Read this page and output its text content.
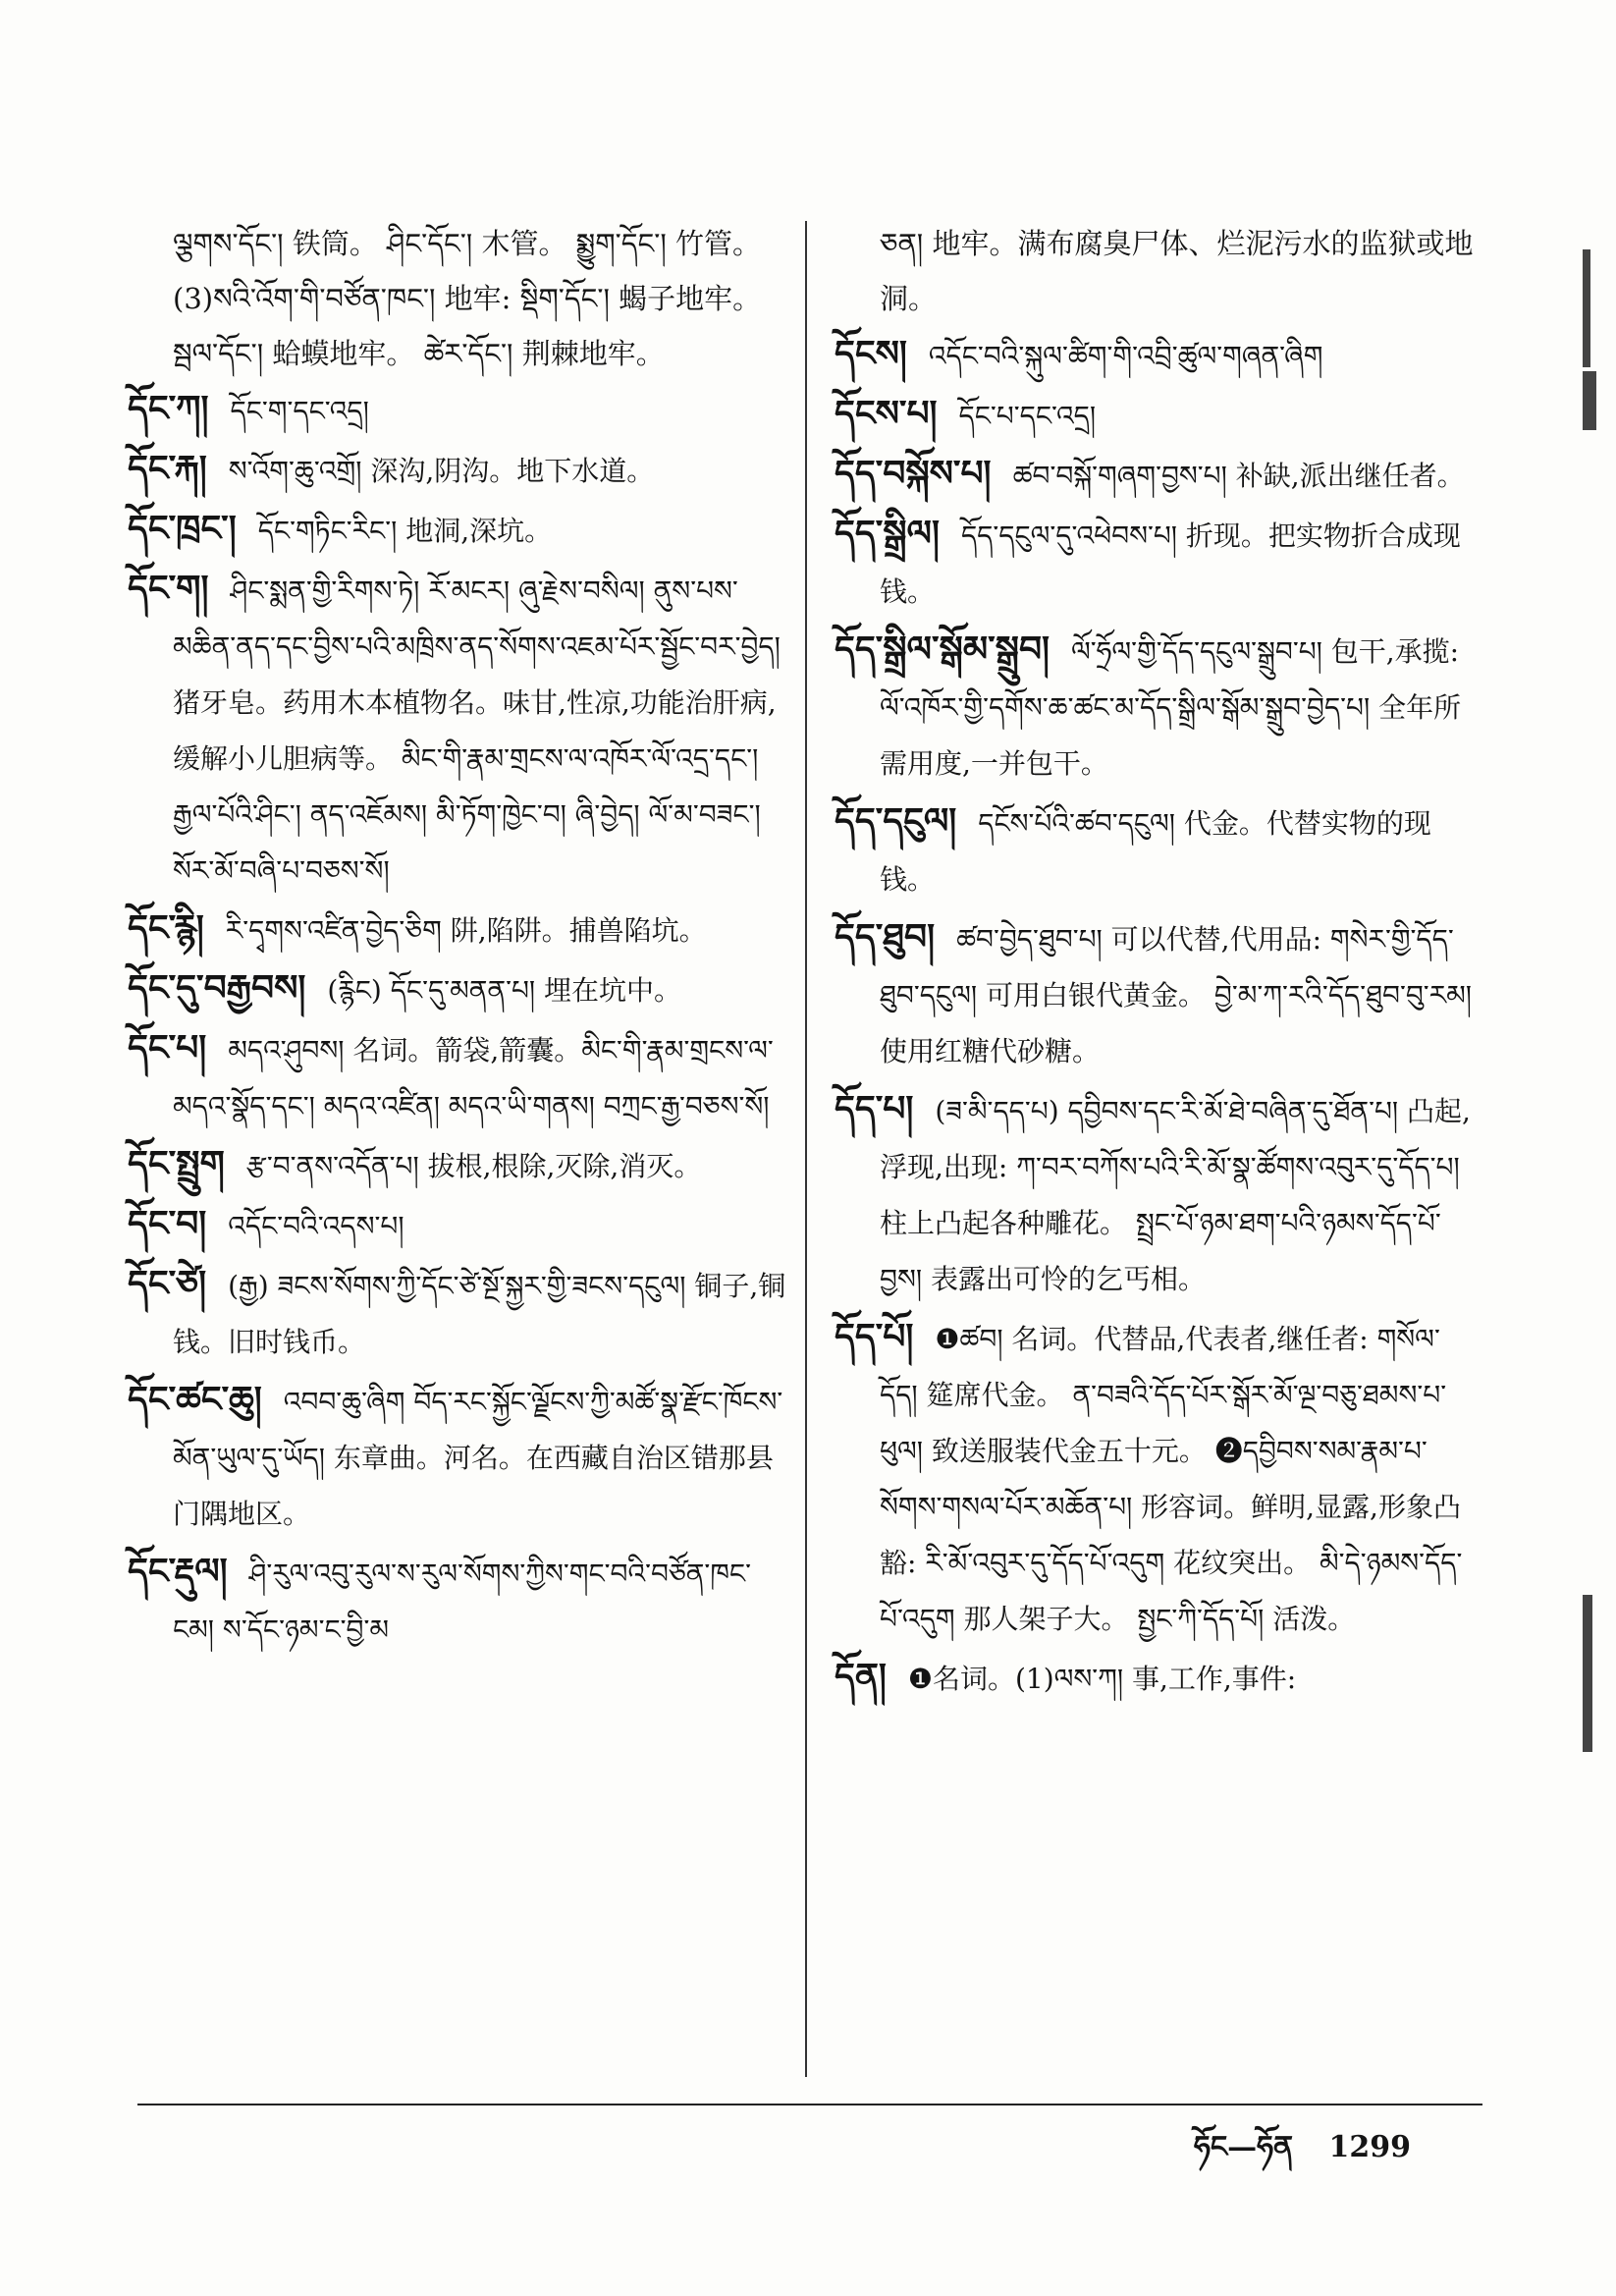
ལྕགས་དོང་། 铁筒。 ཤིང་དོང་། 木管。 སྨྱུག་དོང་། 竹管。(3)སའི་འོག་གི་བཙོན་ཁང་། 地牢: སྡིག་དོང་། 蝎子地牢。 སྦལ་དོང་། 蛤蟆地牢。 ཚེར་དོང་། 荆棘地牢。
དོང་ཀ། དོང་ག་དང་འདྲ།
དོང་རྐ། ས་འོག་ཆུ་འགྲོ། 深沟,阴沟。地下水道。
དོང་ཁྲང་། དོང་གཏིང་རིང་། 地洞,深坑。
དོང་ག། ཤིང་སྨན་གྱི་རིགས་ཏེ། རོ་མངར། ཞུ་རྗེས་བསིལ། ནུས་པས་མཆིན་ནད་དང་བྱིས་པའི་མཁྲིས་ནད་སོགས་འཇམ་པོར་སྦྱོང་བར་བྱེད། 猪牙皂。药用木本植物名。味甘,性凉,功能治肝病,缓解小儿胆病等。 མིང་གི་རྣམ་གྲངས་ལ་འཁོར་ལོ་འདྲ་དང་། རྒྱལ་པོའི་ཤིང་། ནད་འཇོམས། མི་ཏོག་ཁྱེང་བ། ཞི་བྱེད། ལོ་མ་བཟང་། སོར་མོ་བཞི་པ་བཅས་སོ།
དོང་རྙི། རི་དྭགས་འཛིན་བྱེད་ཅིག 阱,陷阱。捕兽陷坑。
དོང་དུ་བརྒྱབས། (རྙིང) དོང་དུ་མནན་པ། 埋在坑中。
དོང་པ། མདའ་ཤུབས། 名词。箭袋,箭囊。མིང་གི་རྣམ་གྲངས་ལ་མདའ་སྣོད་དང་། མདའ་འཛིན། མདའ་ཡི་གནས། བཀྲང་རྒྱ་བཅས་སོ།
དོང་སྤྲུག རྩ་བ་ནས་འདོན་པ། 拔根,根除,灭除,消灭。
དོང་བ། འདོང་བའི་འདས་པ།
དོང་ཙེ། (རྒྱ) ཟངས་སོགས་ཀྱི་དོང་ཙེ་སྔོ་སྐྱར་གྱི་ཟངས་དངུལ། 铜子,铜钱。旧时钱币。
དོང་ཚང་ཆུ། འབབ་ཆུ་ཞིག བོད་རང་སྐྱོང་ལྗོངས་ཀྱི་མཚོ་སྣ་རྫོང་ཁོངས་མོན་ཡུལ་དུ་ཡོད། 东章曲。河名。在西藏自治区错那县门隅地区。
དོང་རྡུལ། ཤི་རུལ་འབུ་རུལ་ས་རུལ་སོགས་ཀྱིས་གང་བའི་བཙོན་ཁང་ངམ། ས་དོང་ཉམ་ང་བྱི་མ
ཅན། 地牢。满布腐臭尸体、烂泥污水的监狱或地洞。
དོངས། འདོང་བའི་སྐུལ་ཚིག་གི་འབྲི་ཚུལ་གཞན་ཞིག
དོངས་པ། དོང་པ་དང་འདྲ།
དོད་བསྐོས་པ། ཚབ་བསྐོ་གཞག་བྱས་པ། 补缺,派出继任者。
དོད་སྒྲིལ། དོད་དངུལ་དུ་འཕེབས་པ། 折现。把实物折合成现钱。
དོད་སྒྲིལ་སྒོམ་སྒྲུབ། ལོ་ཧྲོལ་གྱི་དོད་དངུལ་སྒྲུབ་པ། 包干,承揽: ལོ་འཁོར་གྱི་དགོས་ཆ་ཚང་མ་དོད་སྒྲིལ་སྒོམ་སྒྲུབ་བྱེད་པ། 全年所需用度,一并包干。
དོད་དངུལ། དངོས་པོའི་ཚབ་དངུལ། 代金。代替实物的现钱。
དོད་ཐུབ། ཚབ་བྱེད་ཐུབ་པ། 可以代替,代用品: གསེར་གྱི་དོད་ཐུབ་དངུལ། 可用白银代黄金。 བྱེ་མ་ཀ་རའི་དོད་ཐུབ་བུ་རམ། 使用红糖代砂糖。
དོད་པ། (ཟ་མི་དད་པ) དབྱིབས་དང་རི་མོ་ཐེ་བཞིན་དུ་ཐོན་པ། 凸起,浮现,出现: ཀ་བར་བཀོས་པའི་རི་མོ་སྣ་ཚོགས་འབུར་དུ་དོད་པ། 柱上凸起各种雕花。 སྤྲང་པོ་ཉམ་ཐག་པའི་ཉམས་དོད་པོ་བྱས། 表露出可怜的乞丐相。
དོད་པོ། ❶ཚབ། 名词。代替品,代表者,继任者: གསོལ་དོད། 筵席代金。 ན་བཟའི་དོད་པོར་སྒོར་མོ་ལྔ་བཅུ་ཐམས་པ་ཕུལ། 致送服装代金五十元。 ❷དབྱིབས་སམ་རྣམ་པ་སོགས་གསལ་པོར་མཆོན་པ། 形容词。鲜明,显露,形象凸豁: རི་མོ་འབུར་དུ་དོད་པོ་འདུག 花纹突出。 མི་དེ་ཉམས་དོད་པོ་འདུག 那人架子大。 སྤྱང་ཀི་དོད་པོ། 活泼。
དོན། ❶名词。(1)ལས་ཀ། 事,工作,事件:
ཧོང—ཧོན 1299
